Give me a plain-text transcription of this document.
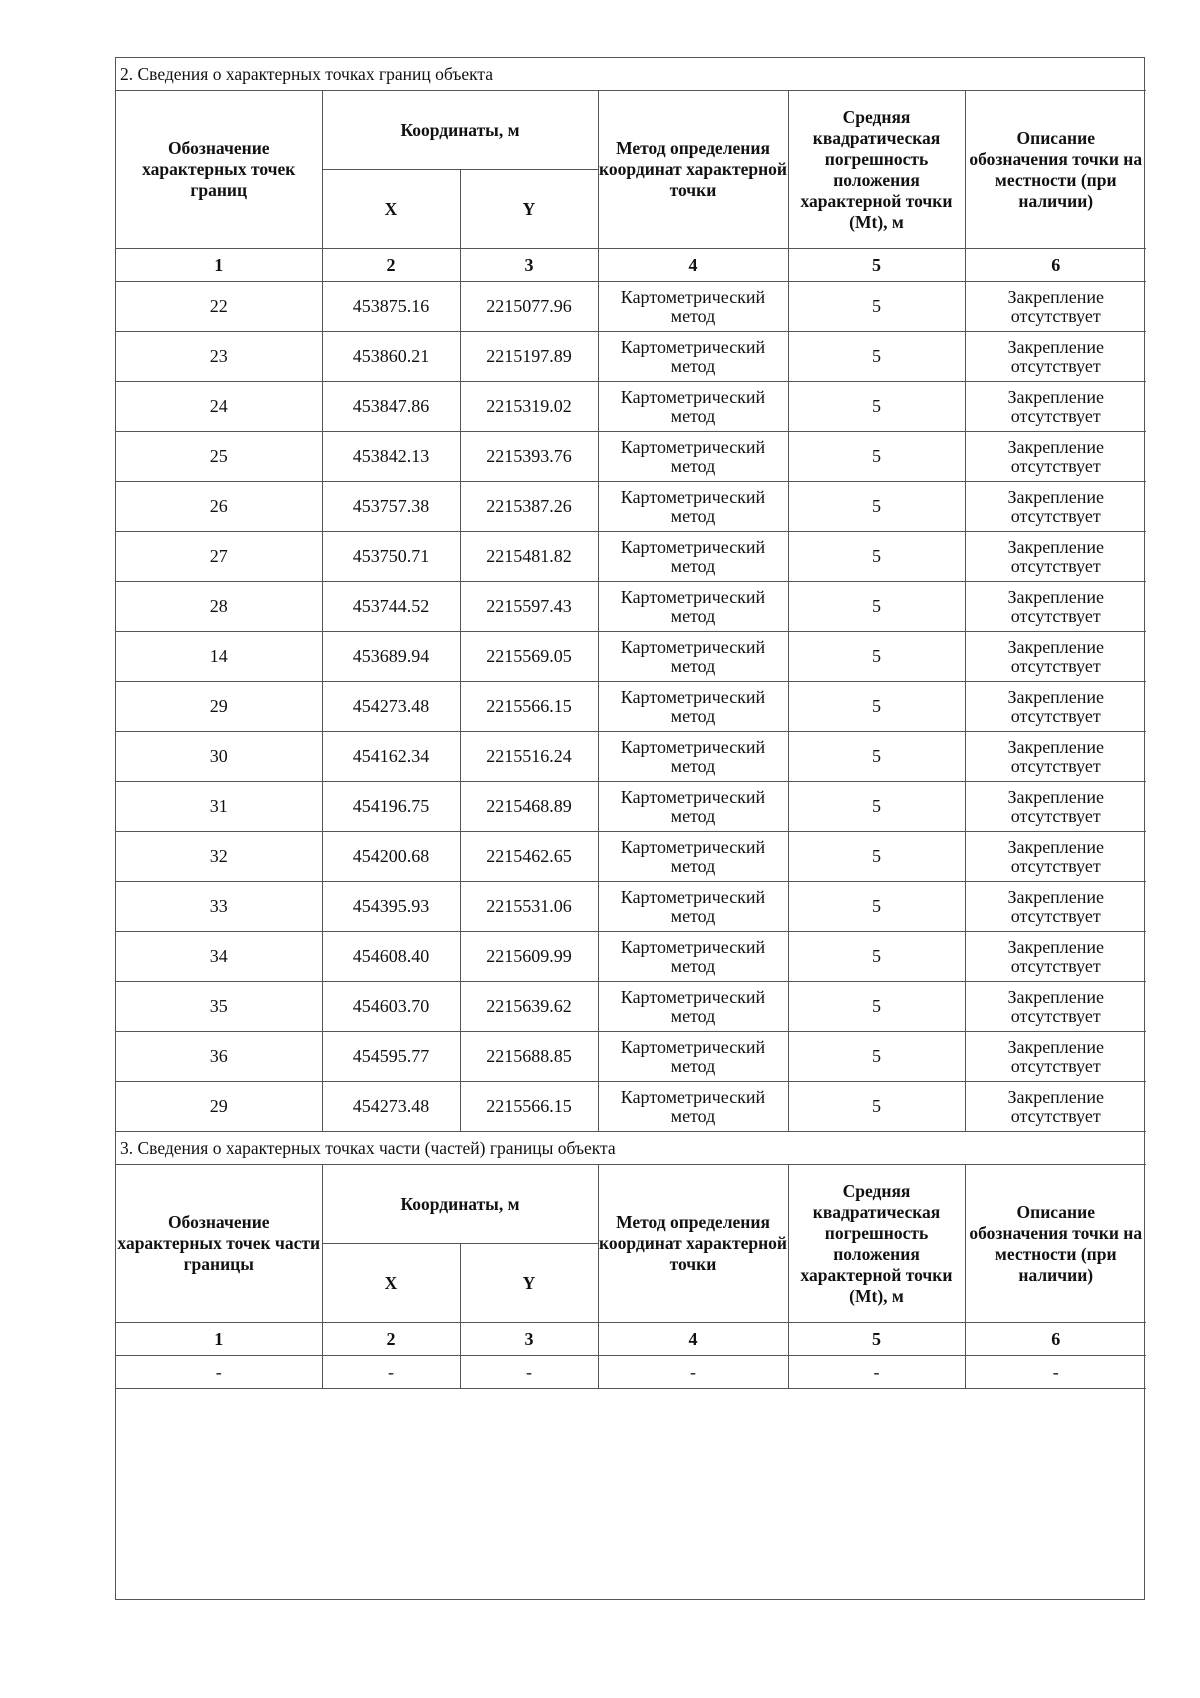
2. Сведения о характерных точках границ объекта					
Обозначение характерных точек границ	Координаты, м		Метод определения координат характерной точки	Средняя квадратическая погрешность положения характерной точки (Mt), м	Описание обозначения точки на местности (при наличии)
	X	Y			
1	2	3	4	5	6
22	453875.16	2215077.96	Картометрический метод	5	Закрепление отсутствует
23	453860.21	2215197.89	Картометрический метод	5	Закрепление отсутствует
24	453847.86	2215319.02	Картометрический метод	5	Закрепление отсутствует
25	453842.13	2215393.76	Картометрический метод	5	Закрепление отсутствует
26	453757.38	2215387.26	Картометрический метод	5	Закрепление отсутствует
27	453750.71	2215481.82	Картометрический метод	5	Закрепление отсутствует
28	453744.52	2215597.43	Картометрический метод	5	Закрепление отсутствует
14	453689.94	2215569.05	Картометрический метод	5	Закрепление отсутствует
29	454273.48	2215566.15	Картометрический метод	5	Закрепление отсутствует
30	454162.34	2215516.24	Картометрический метод	5	Закрепление отсутствует
31	454196.75	2215468.89	Картометрический метод	5	Закрепление отсутствует
32	454200.68	2215462.65	Картометрический метод	5	Закрепление отсутствует
33	454395.93	2215531.06	Картометрический метод	5	Закрепление отсутствует
34	454608.40	2215609.99	Картометрический метод	5	Закрепление отсутствует
35	454603.70	2215639.62	Картометрический метод	5	Закрепление отсутствует
36	454595.77	2215688.85	Картометрический метод	5	Закрепление отсутствует
29	454273.48	2215566.15	Картометрический метод	5	Закрепление отсутствует
3. Сведения о характерных точках части (частей) границы объекта					
Обозначение характерных точек части границы	Координаты, м		Метод определения координат характерной точки	Средняя квадратическая погрешность положения характерной точки (Mt), м	Описание обозначения точки на местности (при наличии)
	X	Y			
1	2	3	4	5	6
-	-	-	-	-	-
